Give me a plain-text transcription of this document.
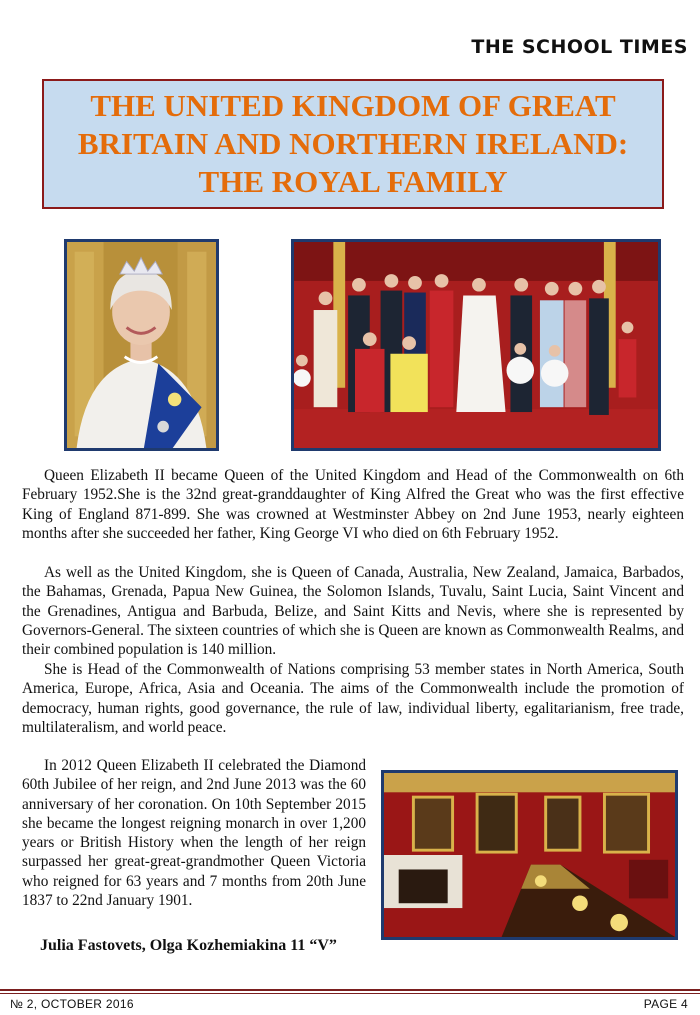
THE SCHOOL TIMES
THE UNITED KINGDOM OF GREAT
BRITAIN AND NORTHERN IRELAND:
THE ROYAL FAMILY

Queen Elizabeth II became Queen of the United Kingdom and Head of the Commonwealth on 6th February 1952.She is the 32nd great-granddaughter of King Alfred the Great who was the first effective King of England 871-899. She was crowned at Westminster Abbey on 2nd June 1953, nearly eighteen months after she succeeded her father, King George VI who died on 6th February 1952.

As well as the United Kingdom, she is Queen of Canada, Australia, New Zealand, Jamaica, Barbados, the Bahamas, Grenada, Papua New Guinea, the Solomon Islands, Tuvalu, Saint Lucia, Saint Vincent and the Grenadines, Antigua and Barbuda, Belize, and Saint Kitts and Nevis, where she is represented by Governors-General. The sixteen countries of which she is Queen are known as Commonwealth Realms, and their combined population is 140 million.

She is Head of the Commonwealth of Nations comprising 53 member states in North America, South America, Europe, Africa, Asia and Oceania. The aims of the Commonwealth include the promotion of democracy, human rights, good governance, the rule of law, individual liberty, egalitarianism, free trade, multilateralism, and world peace.

In 2012 Queen Elizabeth II celebrated the Diamond 60th Jubilee of her reign, and 2nd June 2013 was the 60 anniversary of her coronation. On 10th September 2015 she became the longest reigning monarch in over 1,200 years or British History when the length of her reign surpassed her great-great-grandmother Queen Victoria who reigned for 63 years and 7 months from 20th June 1837 to 22nd January 1901.

Julia Fastovets, Olga Kozhemiakina 11 “V”
№ 2, OCTOBER 2016	PAGE 4
